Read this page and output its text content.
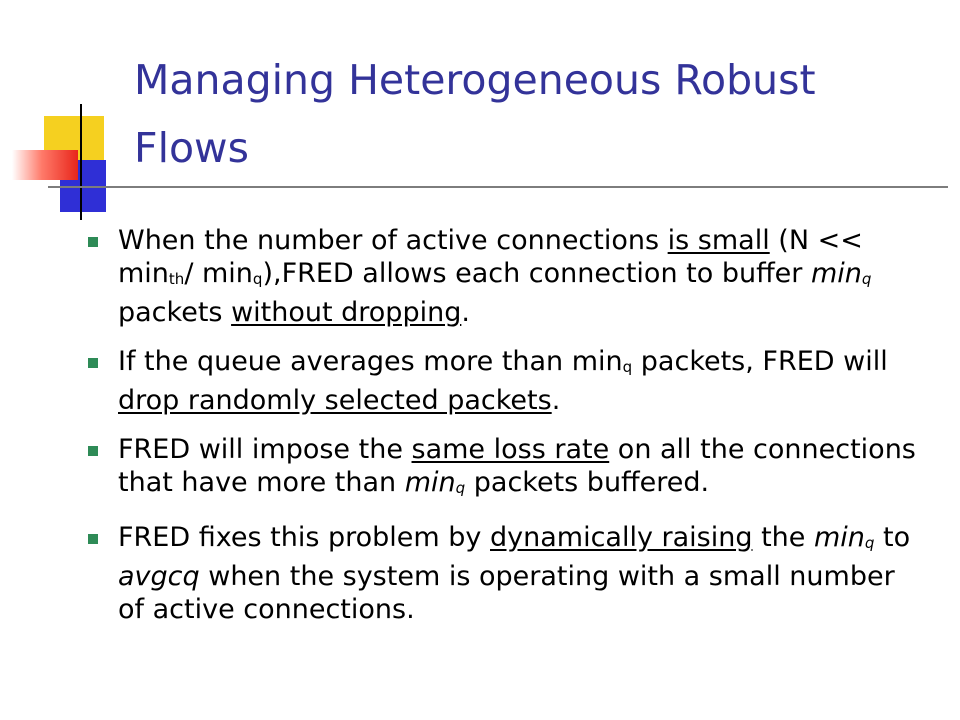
Managing Heterogeneous Robust
Flows
When the number of active connections is small (N << minth/ minq),FRED allows each connection to buffer minq packets without dropping.
If the queue averages more than minq packets, FRED will drop randomly selected packets.
FRED will impose the same loss rate on all the connections that have more than minq packets buffered.
FRED fixes this problem by dynamically raising the minq to avgcq when the system is operating with a small number of active connections.
